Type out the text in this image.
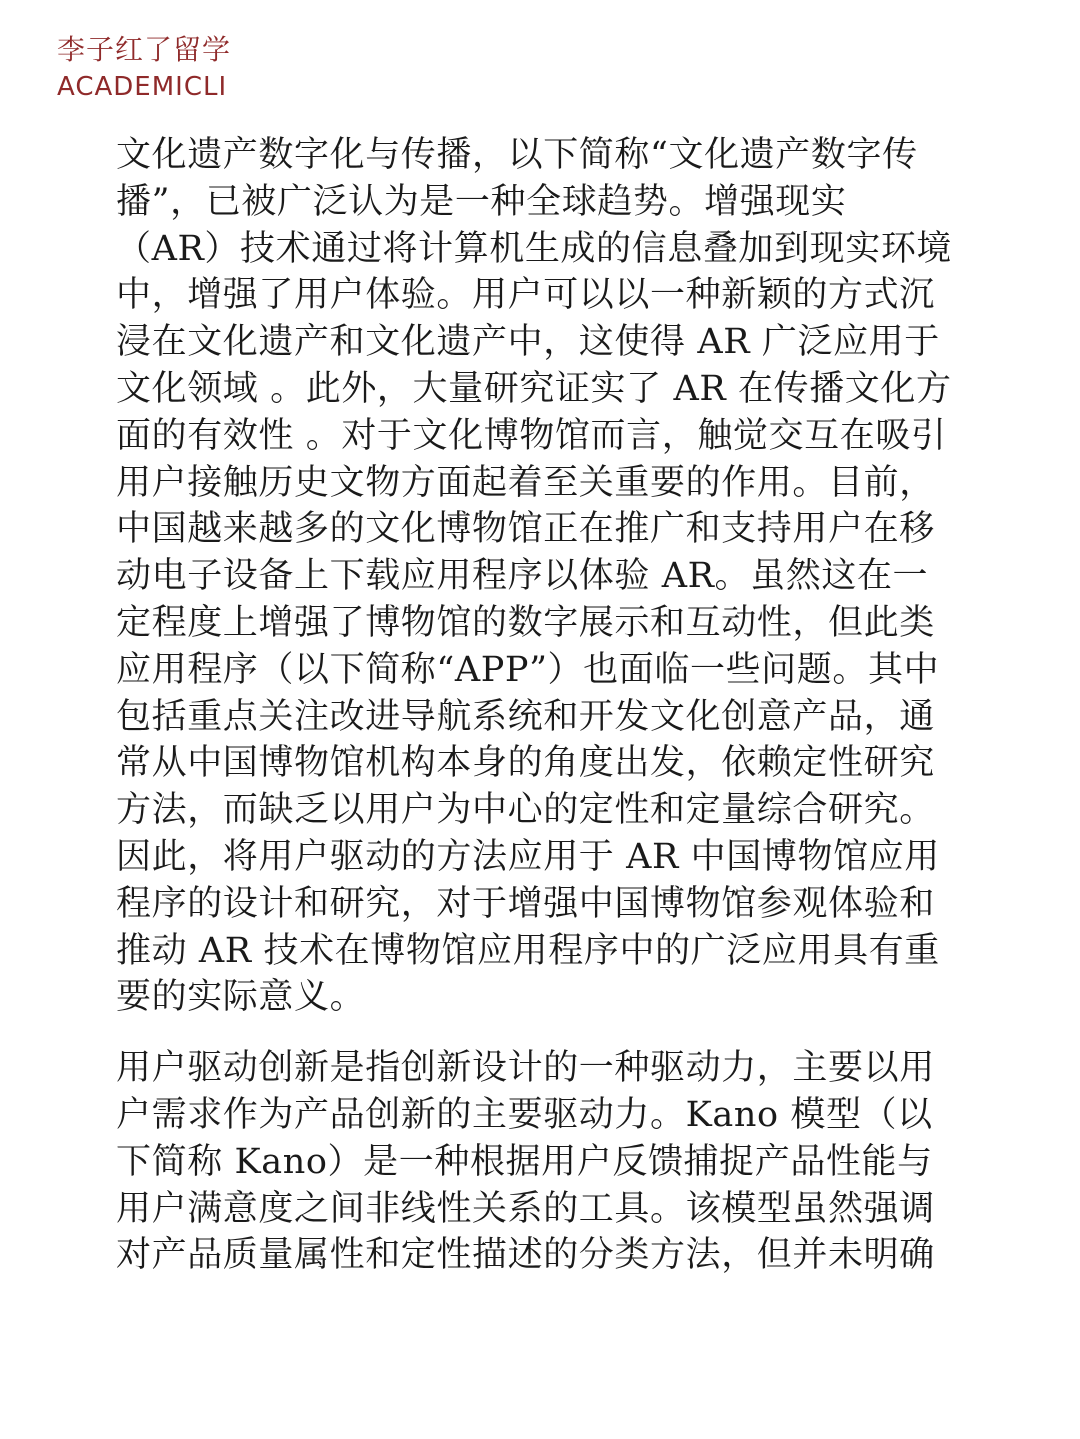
李子红了留学
ACADEMICLI
文化遗产数字化与传播，以下简称“文化遗产数字传
播”，已被广泛认为是一种全球趋势。增强现实
（AR）技术通过将计算机生成的信息叠加到现实环境
中，增强了用户体验。用户可以以一种新颖的方式沉
浸在文化遗产和文化遗产中，这使得 AR 广泛应用于
文化领域 。此外，大量研究证实了 AR 在传播文化方
面的有效性 。对于文化博物馆而言，触觉交互在吸引
用户接触历史文物方面起着至关重要的作用。目前，
中国越来越多的文化博物馆正在推广和支持用户在移
动电子设备上下载应用程序以体验 AR。虽然这在一
定程度上增强了博物馆的数字展示和互动性，但此类
应用程序（以下简称“APP”）也面临一些问题。其中
包括重点关注改进导航系统和开发文化创意产品，通
常从中国博物馆机构本身的角度出发，依赖定性研究
方法，而缺乏以用户为中心的定性和定量综合研究。
因此，将用户驱动的方法应用于 AR 中国博物馆应用
程序的设计和研究，对于增强中国博物馆参观体验和
推动 AR 技术在博物馆应用程序中的广泛应用具有重
要的实际意义。
用户驱动创新是指创新设计的一种驱动力，主要以用
户需求作为产品创新的主要驱动力。Kano 模型（以
下简称 Kano）是一种根据用户反馈捕捉产品性能与
用户满意度之间非线性关系的工具。该模型虽然强调
对产品质量属性和定性描述的分类方法，但并未明确
